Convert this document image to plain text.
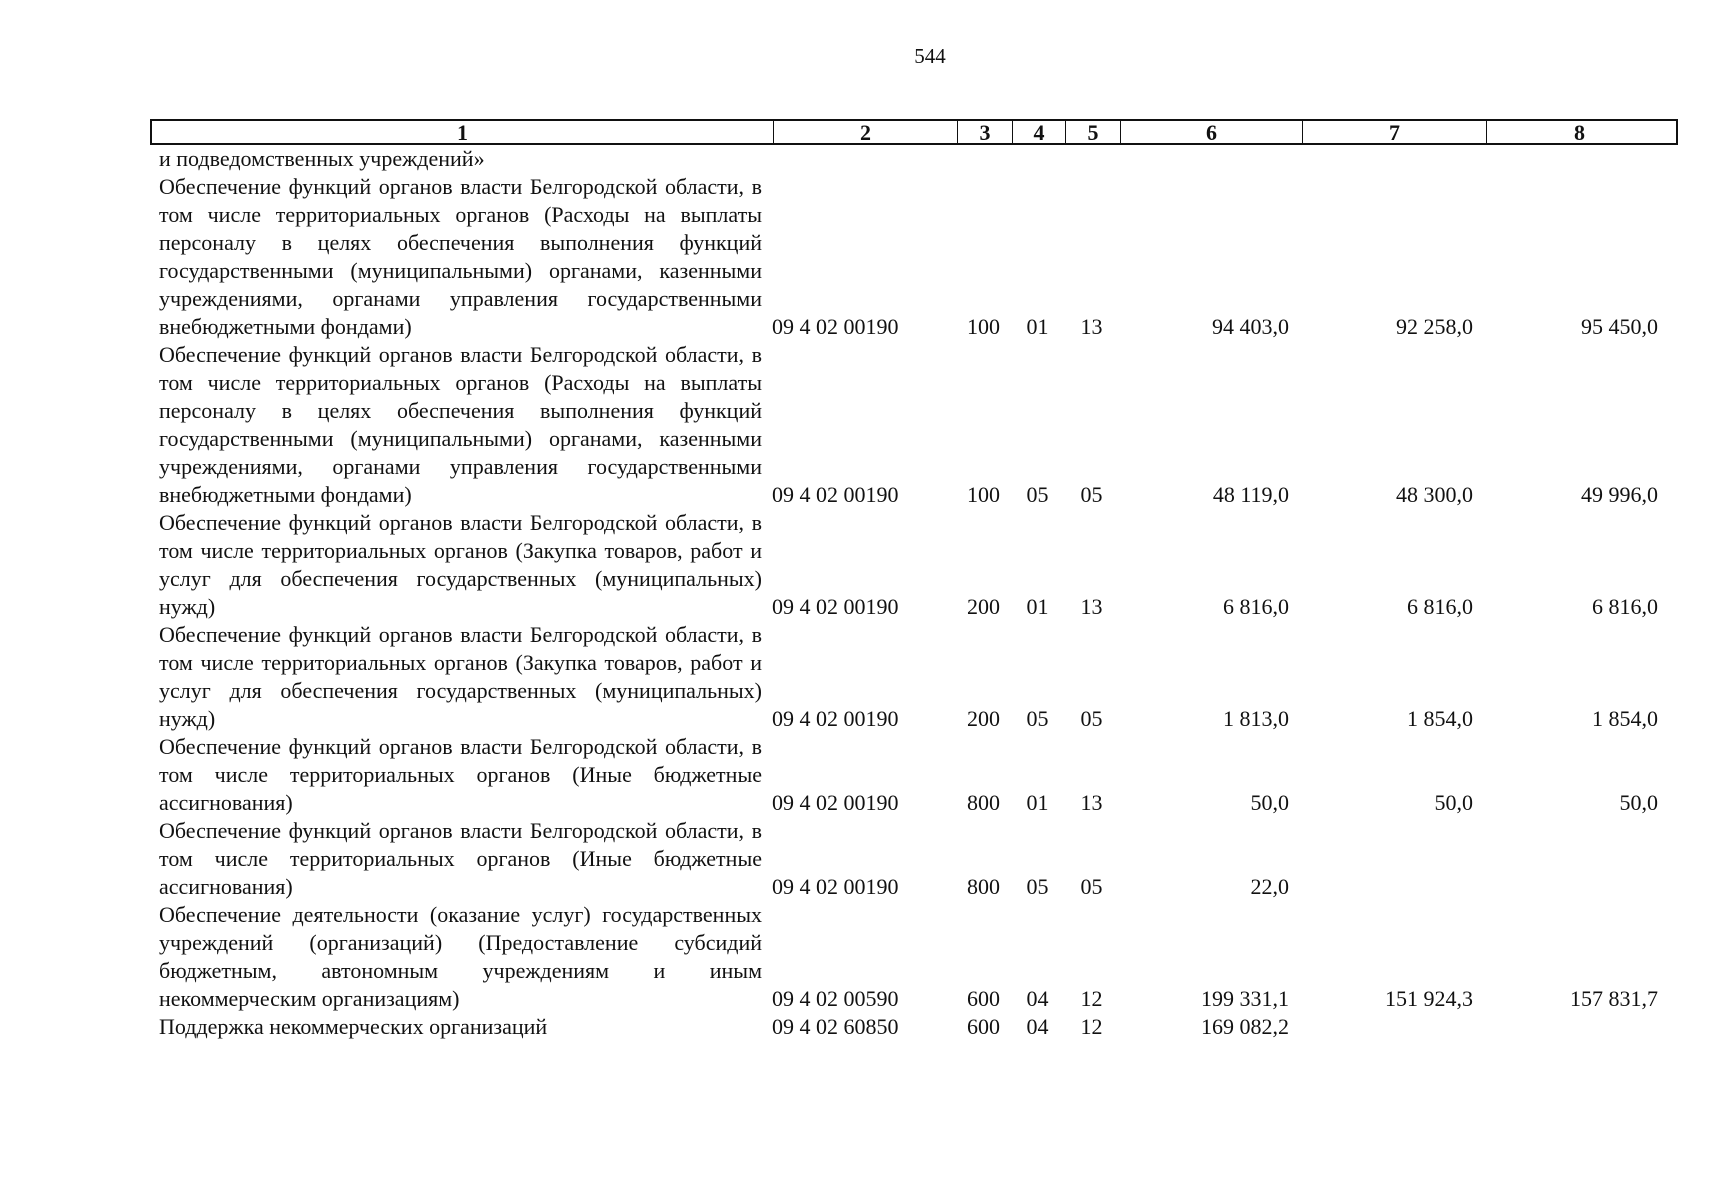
544
1	2	3	4	5	6	7	8
и подведомственных учреждений»
Обеспечение функций органов власти Белгородской области, в том числе территориальных органов (Расходы на выплаты персоналу в целях обеспечения выполнения функций государственными (муниципальными) органами, казенными учреждениями, органами управления государственными внебюджетными фондами)	09 4 02 00190	100	01	13	94 403,0	92 258,0	95 450,0
Обеспечение функций органов власти Белгородской области, в том числе территориальных органов (Расходы на выплаты персоналу в целях обеспечения выполнения функций государственными (муниципальными) органами, казенными учреждениями, органами управления государственными внебюджетными фондами)	09 4 02 00190	100	05	05	48 119,0	48 300,0	49 996,0
Обеспечение функций органов власти Белгородской области, в том числе территориальных органов (Закупка товаров, работ и услуг для обеспечения государственных (муниципальных) нужд)	09 4 02 00190	200	01	13	6 816,0	6 816,0	6 816,0
Обеспечение функций органов власти Белгородской области, в том числе территориальных органов (Закупка товаров, работ и услуг для обеспечения государственных (муниципальных) нужд)	09 4 02 00190	200	05	05	1 813,0	1 854,0	1 854,0
Обеспечение функций органов власти Белгородской области, в том числе территориальных органов (Иные бюджетные ассигнования)	09 4 02 00190	800	01	13	50,0	50,0	50,0
Обеспечение функций органов власти Белгородской области, в том числе территориальных органов (Иные бюджетные ассигнования)	09 4 02 00190	800	05	05	22,0
Обеспечение деятельности (оказание услуг) государственных учреждений (организаций) (Предоставление субсидий бюджетным, автономным учреждениям и иным некоммерческим организациям)	09 4 02 00590	600	04	12	199 331,1	151 924,3	157 831,7
Поддержка некоммерческих организаций	09 4 02 60850	600	04	12	169 082,2
